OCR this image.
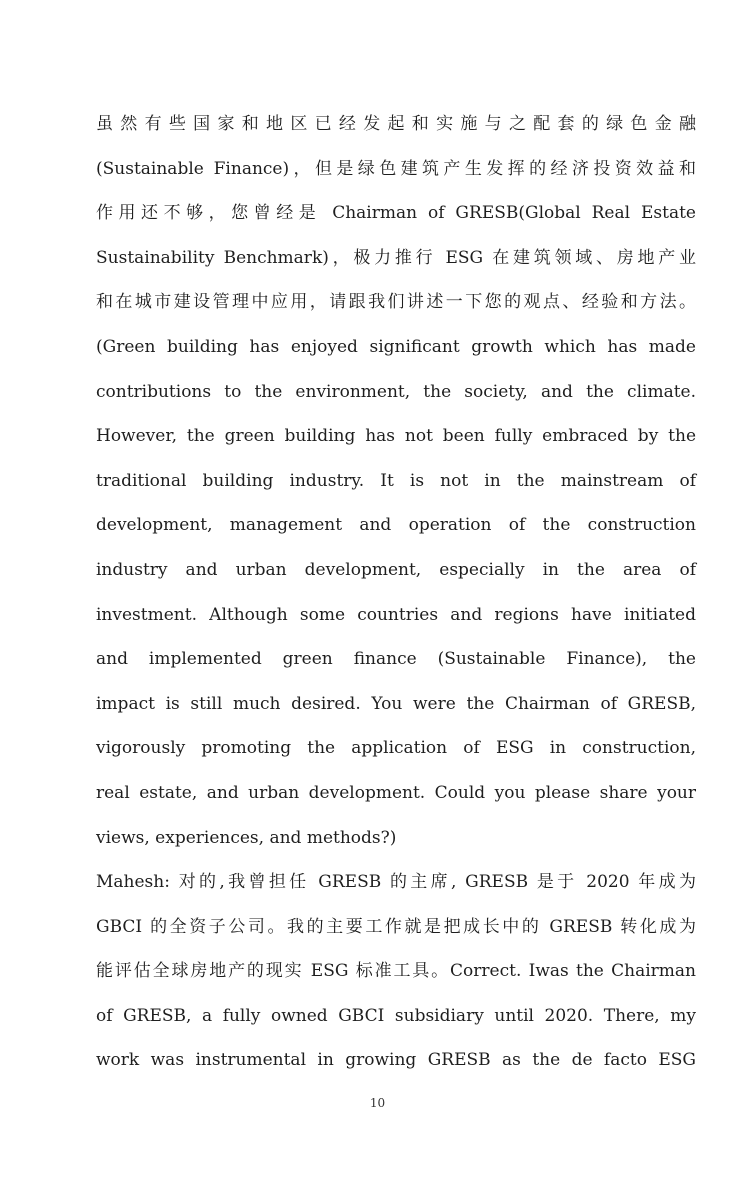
虽然有些国家和地区已经发起和实施与之配套的绿色金融
(Sustainable Finance)，但是绿色建筑产生发挥的经济投资效益和
作用还不够，您曾经是 Chairman of GRESB(Global Real Estate
Sustainability Benchmark)，极力推行 ESG 在建筑领域、房地产业
和在城市建设管理中应用，请跟我们讲述一下您的观点、经验和方法。
(Green building has enjoyed significant growth which has made
contributions to the environment, the society, and the climate.
However, the green building has not been fully embraced by the
traditional building industry. It is not in the mainstream of
development, management and operation of the construction
industry and urban development, especially in the area of
investment. Although some countries and regions have initiated
and implemented green finance (Sustainable Finance), the
impact is still much desired. You were the Chairman of GRESB,
vigorously promoting the application of ESG in construction,
real estate, and urban development. Could you please share your
views, experiences, and methods?)
Mahesh: 对的,我曾担任 GRESB 的主席, GRESB 是于 2020 年成为
GBCI 的全资子公司。我的主要工作就是把成长中的 GRESB 转化成为
能评估全球房地产的现实 ESG 标准工具。Correct. Iwas the Chairman
of GRESB, a fully owned GBCI subsidiary until 2020. There, my
work was instrumental in growing GRESB as the de facto ESG
10
